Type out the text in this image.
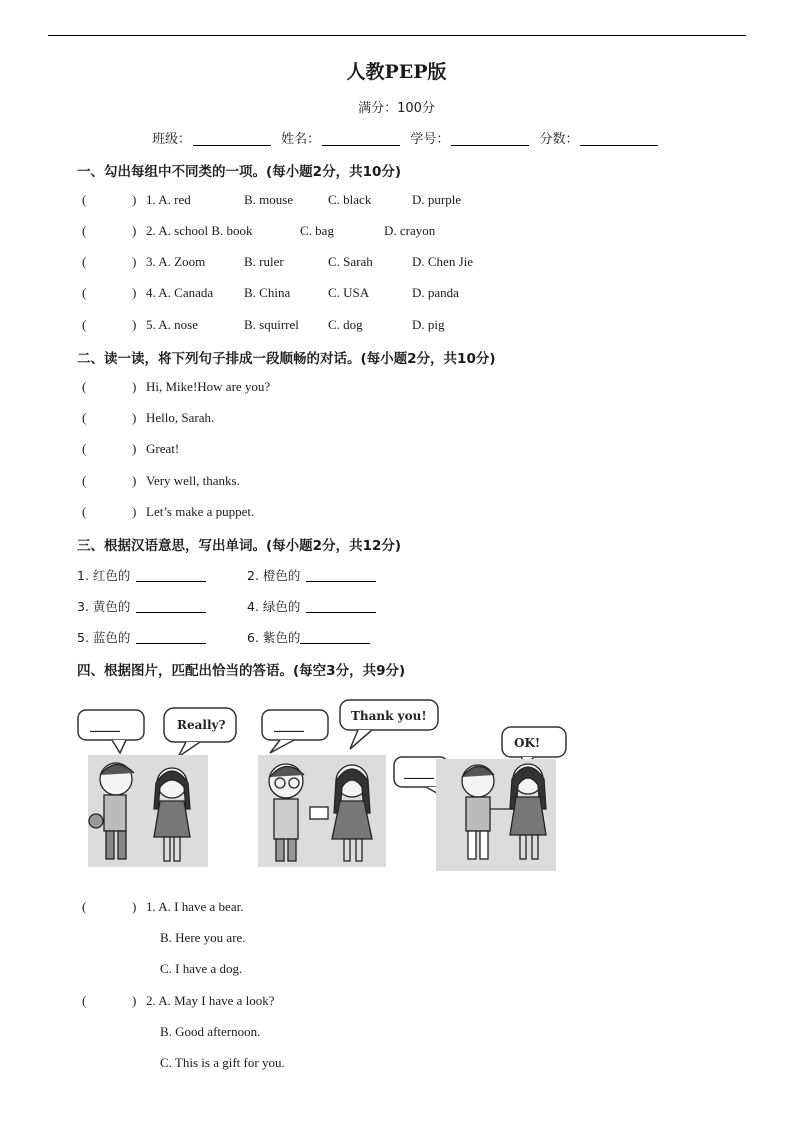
人教PEP版
满分：100分
班级：	姓名：	学号：	分数：
一、勾出每组中不同类的一项。(每小题2分，共10分)
(	) 1. A. red	B. mouse	C. black	D. purple
(	) 2. A. school B. book	C. bag	D. crayon
(	) 3. A. Zoom	B. ruler	C. Sarah	D. Chen Jie
(	) 4. A. Canada B. China	C. USA	D. panda
(	) 5. A. nose	B. squirrel C. dog	D. pig
二、读一读，将下列句子排成一段顺畅的对话。(每小题2分，共10分)
(	) Hi, Mike!How are you?
(	) Hello, Sarah.
(	) Great!
(	) Very well, thanks.
(	) Let’s make a puppet.
三、根据汉语意思，写出单词。(每小题2分，共12分)
1. 红色的	2. 橙色的
3. 黄色的	4. 绿色的
5. 蓝色的	6. 紫色的
四、根据图片，匹配出恰当的答语。(每空3分，共9分)
_____	Really?	_____
Thank you!
_____
OK!
(	) 1. A. I have a bear.
B. Here you are.
C. I have a dog.
(	) 2. A. May I have a look?
B. Good afternoon.
C. This is a gift for you.
